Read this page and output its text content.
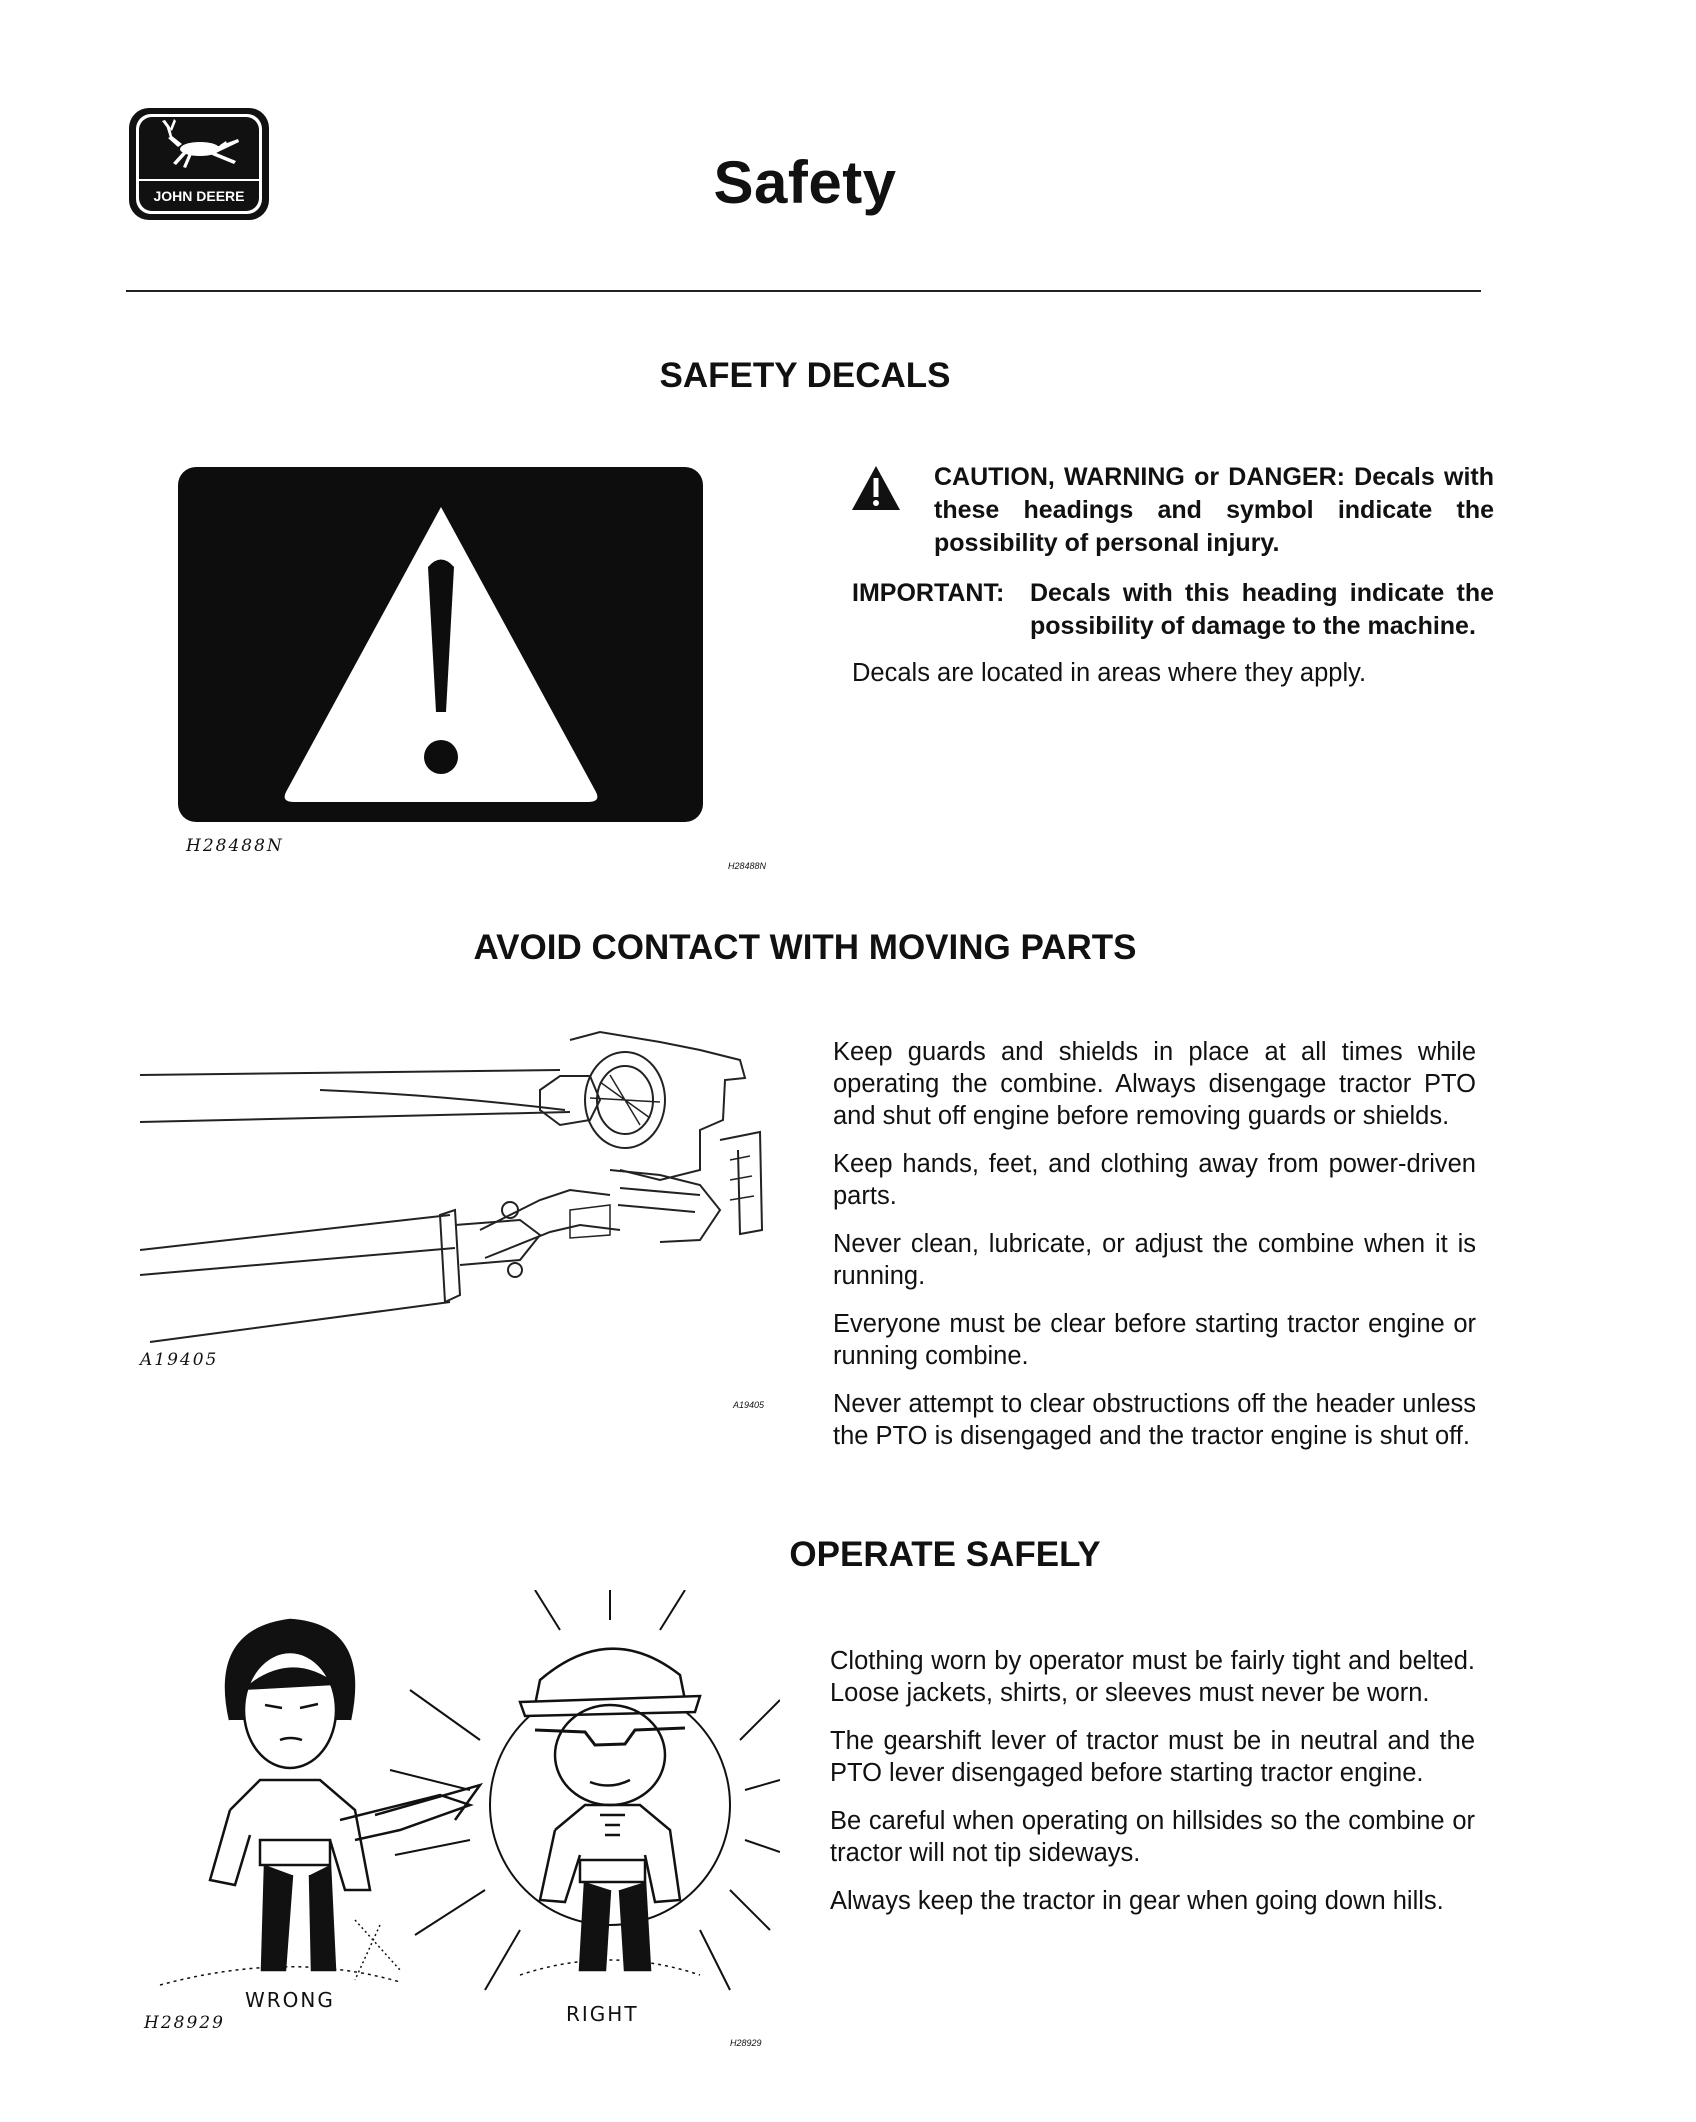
JOHN DEERE	Safety
SAFETY DECALS
H28488N
H28488N
CAUTION, WARNING or DANGER: Decals with these headings and symbol indicate the possibility of personal injury.
IMPORTANT: Decals with this heading indicate the possibility of damage to the machine.
Decals are located in areas where they apply.
AVOID CONTACT WITH MOVING PARTS
A19405
A19405

Keep guards and shields in place at all times while operating the combine. Always disengage tractor PTO and shut off engine before removing guards or shields.

Keep hands, feet, and clothing away from power-driven parts.

Never clean, lubricate, or adjust the combine when it is running.

Everyone must be clear before starting tractor engine or running combine.

Never attempt to clear obstructions off the header unless the PTO is disengaged and the tractor engine is shut off.

OPERATE SAFELY
WRONG
RIGHT
H28929
H28929

Clothing worn by operator must be fairly tight and belted. Loose jackets, shirts, or sleeves must never be worn.

The gearshift lever of tractor must be in neutral and the PTO lever disengaged before starting tractor engine.

Be careful when operating on hillsides so the combine or tractor will not tip sideways.

Always keep the tractor in gear when going down hills.
